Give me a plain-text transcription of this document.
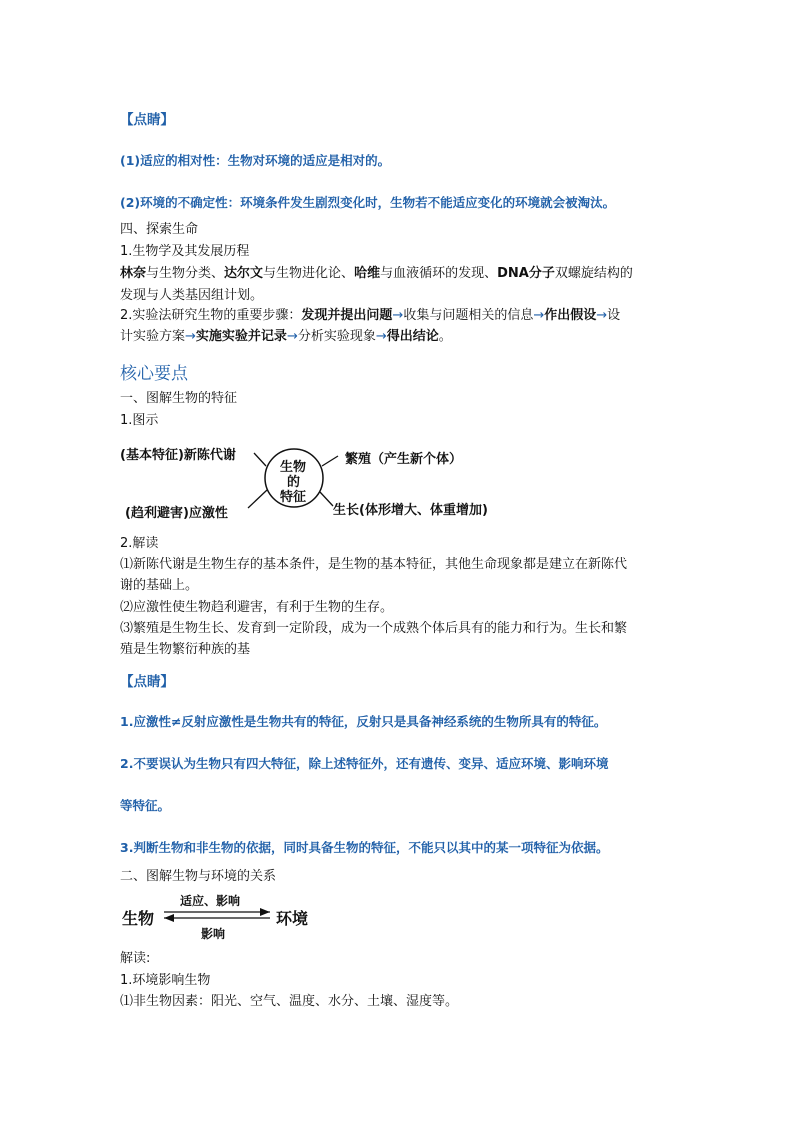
【点睛】
(1)适应的相对性：生物对环境的适应是相对的。
(2)环境的不确定性：环境条件发生剧烈变化时，生物若不能适应变化的环境就会被淘汰。
四、探索生命
1.生物学及其发展历程
林奈与生物分类、达尔文与生物进化论、哈维与血液循环的发现、DNA分子双螺旋结构的
发现与人类基因组计划。
2.实验法研究生物的重要步骤：发现并提出问题→收集与问题相关的信息→作出假设→设
计实验方案→实施实验并记录→分析实验现象→得出结论。
核心要点
一、图解生物的特征
1.图示
生物
的
特征
(基本特征)新陈代谢	繁殖（产生新个体）
(趋利避害)应激性	生长(体形增大、体重增加)
2.解读
⑴新陈代谢是生物生存的基本条件，是生物的基本特征，其他生命现象都是建立在新陈代
谢的基础上。
⑵应激性使生物趋利避害，有利于生物的生存。
⑶繁殖是生物生长、发育到一定阶段，成为一个成熟个体后具有的能力和行为。生长和繁
殖是生物繁衍种族的基
【点睛】
1.应激性≠反射应激性是生物共有的特征，反射只是具备神经系统的生物所具有的特征。
2.不要误认为生物只有四大特征，除上述特征外，还有遗传、变异、适应环境、影响环境
等特征。
3.判断生物和非生物的依据，同时具备生物的特征，不能只以其中的某一项特征为依据。
二、图解生物与环境的关系
生物	环境
适应、影响
影响
解读:
1.环境影响生物
⑴非生物因素：阳光、空气、温度、水分、土壤、湿度等。
